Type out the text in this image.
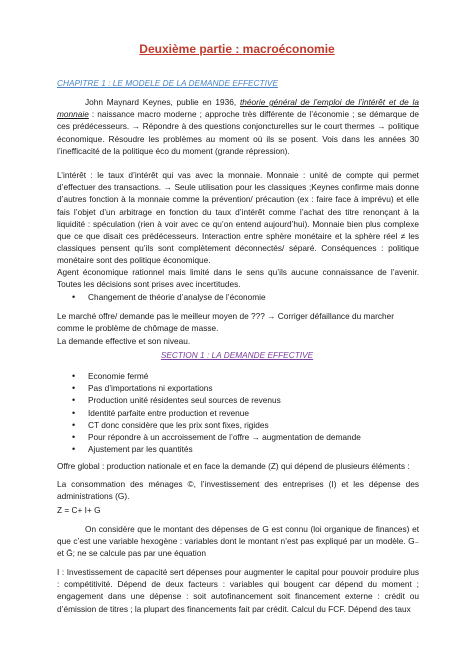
Deuxième partie : macroéconomie
CHAPITRE 1 : LE MODELE DE LA DEMANDE EFFECTIVE
John Maynard Keynes, publie en 1936, théorie général de l’emploi de l’intérêt et de la monnaie : naissance macro moderne ; approche très différente de l’économie ; se démarque de ces prédécesseurs. → Répondre à des questions conjoncturelles sur le court thermes → politique économique. Résoudre les problèmes au moment où ils se posent. Vois dans les années 30 l’inefficacité de la politique éco du moment (grande répression).
L’intérêt : le taux d’intérêt qui vas avec la monnaie. Monnaie : unité de compte qui permet d’effectuer des transactions. → Seule utilisation pour les classiques ;Keynes confirme mais donne d’autres fonction à la monnaie comme la prévention/ précaution (ex : faire face à imprévu) et elle fais l’objet d’un arbitrage en fonction du taux d’intérêt comme l’achat des titre renonçant à la liquidité : spéculation (rien à voir avec ce qu’on entend aujourd’hui). Monnaie bien plus complexe que ce que disait ces prédécesseurs. Interaction entre sphère monétaire et la sphère réel ≠ les classiques pensent qu’ils sont complètement déconnectés/ séparé. Conséquences : politique monétaire sont des politique économique.
Agent économique rationnel mais limité dans le sens qu’ils aucune connaissance de l’avenir. Toutes les décisions sont prises avec incertitudes.
• Changement de théorie d’analyse de l’économie
Le marché offre/ demande pas le meilleur moyen de ??? → Corriger défaillance du marcher comme le problème de chômage de masse.
La demande effective et son niveau.
SECTION 1 : LA DEMANDE EFFECTIVE
• Economie fermé
• Pas d’importations ni exportations
• Production unité résidentes seul sources de revenus
• Identité parfaite entre production et revenue
• CT donc considère que les prix sont fixes, rigides
• Pour répondre à un accroissement de l’offre → augmentation de demande
• Ajustement par les quantités
Offre global : production nationale et en face la demande (Z) qui dépend de plusieurs éléments :
La consommation des ménages ©, l’investissement des entreprises (I) et les dépense des administrations (G).
Z = C+ I+ G
On considère que le montant des dépenses de G est connu (loi organique de finances) et que c’est une variable hexogène : variables dont le montant n’est pas expliqué par un modèle. G₋ et Ḡ; ne se calcule pas par une équation
I : Investissement de capacité sert dépenses pour augmenter le capital pour pouvoir produire plus : compétitivité. Dépend de deux facteurs : variables qui bougent car dépend du moment ; engagement dans une dépense : soit autofinancement soit financement externe : crédit ou d’émission de titres ; la plupart des financements fait par crédit. Calcul du FCF. Dépend des taux
